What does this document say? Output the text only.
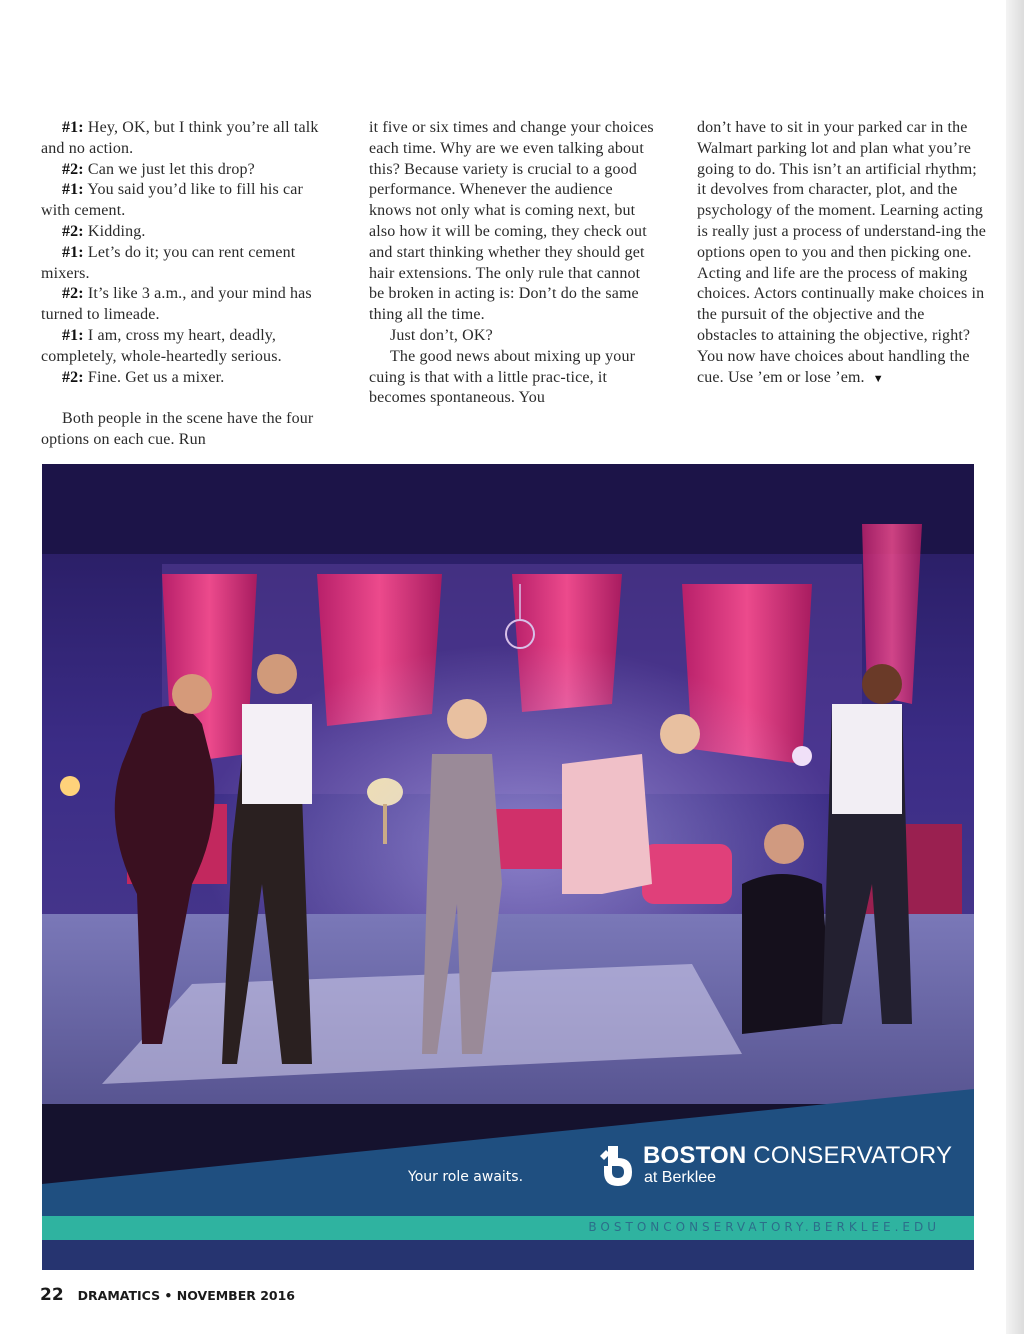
#1: Hey, OK, but I think you’re all talk and no action.

#2: Can we just let this drop?

#1: You said you’d like to fill his car with cement.

#2: Kidding.

#1: Let’s do it; you can rent cement mixers.

#2: It’s like 3 a.m., and your mind has turned to limeade.

#1: I am, cross my heart, deadly, completely, whole-heartedly serious.

#2: Fine. Get us a mixer.

Both people in the scene have the four options on each cue. Run

it five or six times and change your choices each time. Why are we even talking about this? Because variety is crucial to a good performance. Whenever the audience knows not only what is coming next, but also how it will be coming, they check out and start thinking whether they should get hair extensions. The only rule that cannot be broken in acting is: Don’t do the same thing all the time.

Just don’t, OK?

The good news about mixing up your cuing is that with a little prac-tice, it becomes spontaneous. You

don’t have to sit in your parked car in the Walmart parking lot and plan what you’re going to do. This isn’t an artificial rhythm; it devolves from character, plot, and the psychology of the moment. Learning acting is really just a process of understand-ing the options open to you and then picking one. Acting and life are the process of making choices. Actors continually make choices in the pursuit of the objective and the obstacles to attaining the objective, right? You now have choices about handling the cue. Use ’em or lose ’em. ▼

BOSTON CONSERVATORY
at Berklee
Your role awaits.
BOSTONCONSERVATORY.BERKLEE.EDU
22 DRAMATICS • NOVEMBER 2016
